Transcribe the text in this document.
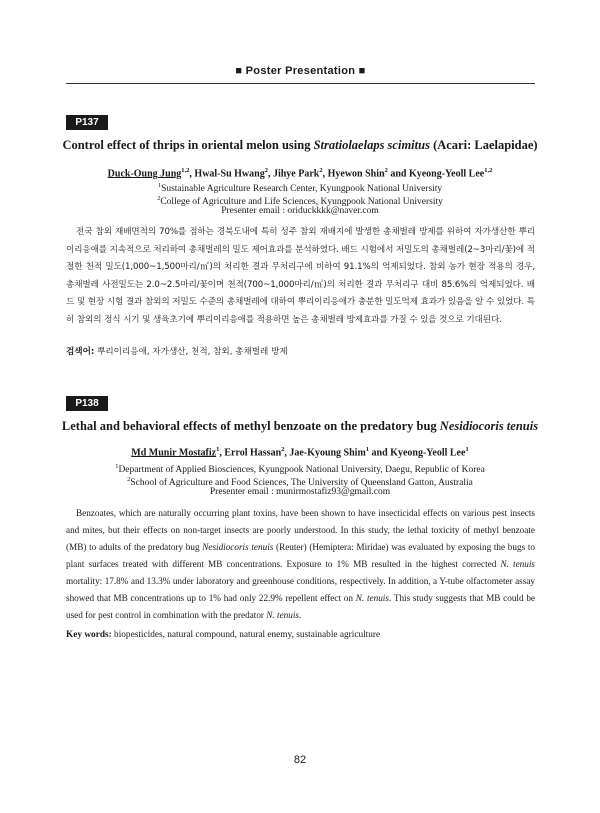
■ Poster Presentation ■
P137
Control effect of thrips in oriental melon using Stratiolaelaps scimitus (Acari: Laelapidae)
Duck-Oung Jung$^{1,2}$, Hwal-Su Hwang$^2$, Jihye Park$^2$, Hyewon Shin$^2$ and Kyeong-Yeoll Lee$^{1,2}$
$^1$Sustainable Agriculture Research Center, Kyungpook National University
$^2$College of Agriculture and Life Sciences, Kyungpook National University
Presenter email : oriduckkkk@naver.com
전국 참외 재배면적의 70%를 점하는 경북도내에 특히 성주 참외 재배지에 발생한 총채벌레 방제를 위하여 자가생산한 뿌리이리응애를 지속적으로 처리하여 총채벌레의 밀도 제어효과를 분석하였다. 배드 시험에서 저밀도의 총채벌레(2~3마리/꽃)에 적절한 천적 밀도(1,000~1,500마리/㎡)의 처리한 결과 무처리구에 비하여 91.1%의 억제되었다. 참외 농가 현장 적용의 경우, 총채벌레 사전밀도는 2.0~2.5마리/꽃이며 천적(700~1,000마리/㎡)의 처리한 결과 무처리구 대비 85.6%의 억제되었다. 배드 및 현장 시험 결과 참외의 저밀도 수준의 총채벌레에 대하여 뿌리이리응애가 충분한 밀도억제 효과가 있음을 알 수 있었다. 특히 참외의 정식 시기 및 생육초기에 뿌리이리응애를 적용하면 높은 총채벌레 방제효과를 가질 수 있을 것으로 기대된다.
검색어: 뿌리이리응애, 자가생산, 천적, 참외, 총채벌레 방제
P138
Lethal and behavioral effects of methyl benzoate on the predatory bug Nesidiocoris tenuis
Md Munir Mostafiz$^1$, Errol Hassan$^2$, Jae-Kyoung Shim$^1$ and Kyeong-Yeoll Lee$^1$
$^1$Department of Applied Biosciences, Kyungpook National University, Daegu, Republic of Korea
$^2$School of Agriculture and Food Sciences, The University of Queensland Gatton, Australia
Presenter email : munirmostafiz93@gmail.com
Benzoates, which are naturally occurring plant toxins, have been shown to have insecticidal effects on various pest insects and mites, but their effects on non-target insects are poorly understood. In this study, the lethal toxicity of methyl benzoate (MB) to adults of the predatory bug Nesidiocoris tenuis (Reuter) (Hemiptera: Miridae) was evaluated by exposing the bugs to plant surfaces treated with different MB concentrations. Exposure to 1% MB resulted in the highest corrected N. tenuis mortality: 17.8% and 13.3% under laboratory and greenhouse conditions, respectively. In addition, a Y-tube olfactometer assay showed that MB concentrations up to 1% had only 22.9% repellent effect on N. tenuis. This study suggests that MB could be used for pest control in combination with the predator N. tenuis.
Key words: biopesticides, natural compound, natural enemy, sustainable agriculture
82
